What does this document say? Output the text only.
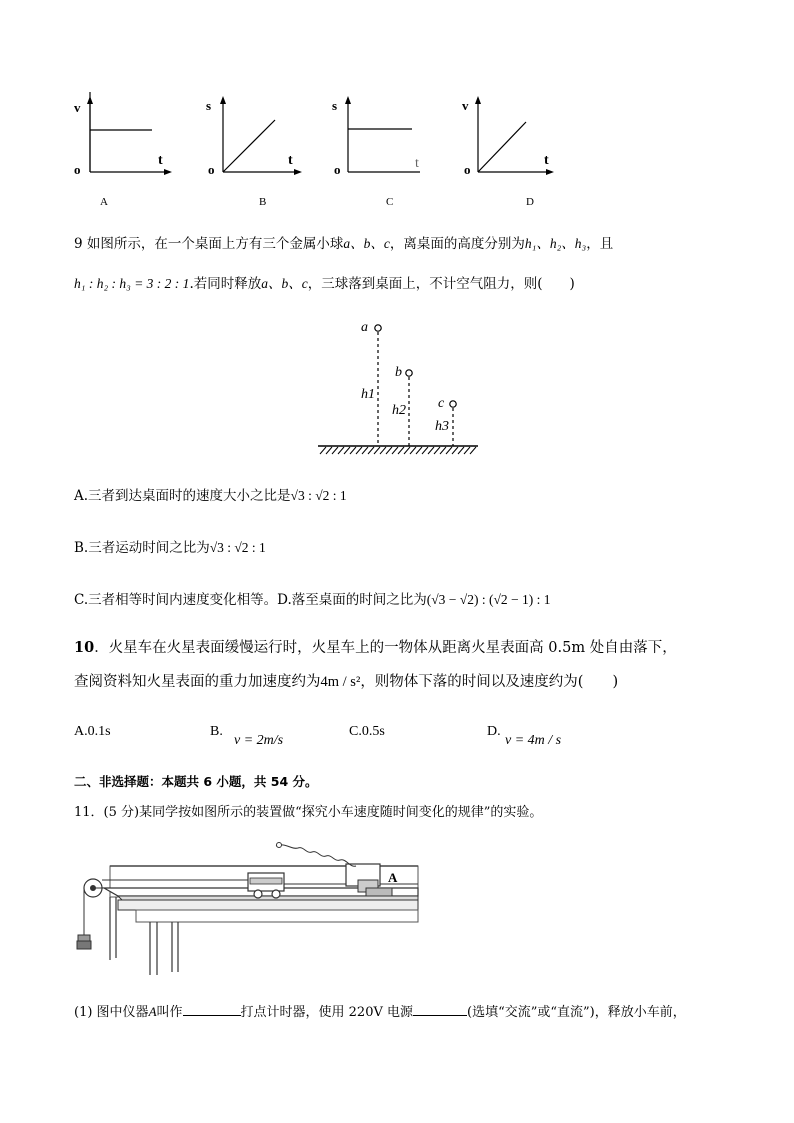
v
o
t
A
s
o
t
B
s
o	t
C
v
o
t
D
9 如图所示，在一个桌面上方有三个金属小球a、b、c，离桌面的高度分别为h₁、h₂、h₃，且
h₁ : h₂ : h₃ = 3 : 2 : 1.若同时释放a、b、c，三球落到桌面上，不计空气阻力，则(　　)
a
b
c
h1
h2
h3
A.三者到达桌面时的速度大小之比是√3 : √2 : 1
B.三者运动时间之比为√3 : √2 : 1
C.三者相等时间内速度变化相等。D.落至桌面的时间之比为(√3 − √2) : (√2 − 1) : 1
10．火星车在火星表面缓慢运行时，火星车上的一物体从距离火星表面高 0.5m 处自由落下，
查阅资料知火星表面的重力加速度约为4m / s²，则物体下落的时间以及速度约为(　　)
A.0.1s	B.
v = 2m/s
C.0.5s	D.
v = 4m / s
二、非选择题：本题共 6 小题，共 54 分。
11．(5 分)某同学按如图所示的装置做“探究小车速度随时间变化的规律”的实验。
A
(1) 图中仪器A叫作	打点计时器，使用 220V 电源	(选填“交流”或“直流”)，释放小车前，
